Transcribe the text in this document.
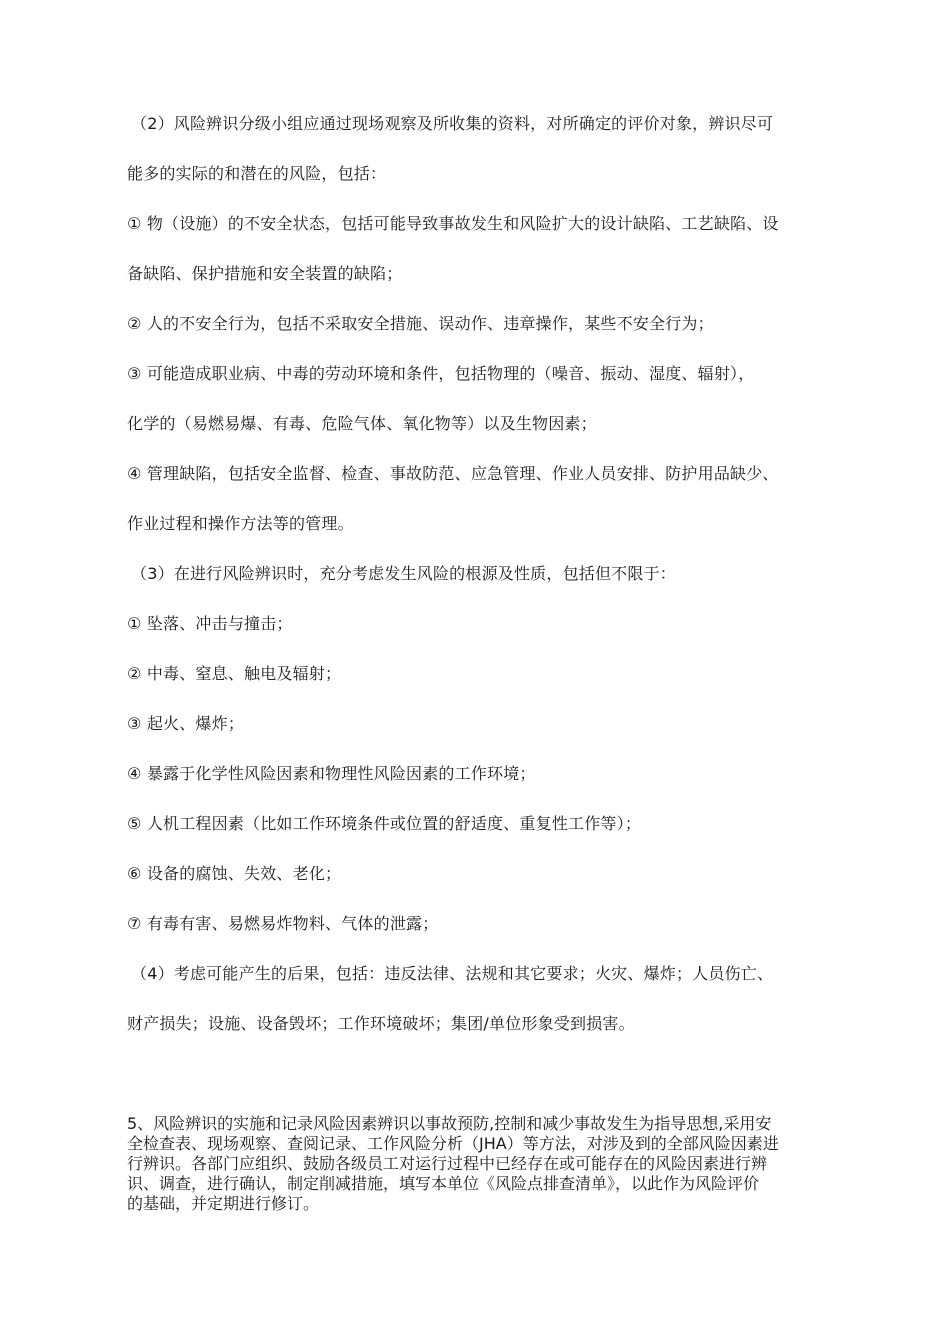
（2）风险辨识分级小组应通过现场观察及所收集的资料，对所确定的评价对象，辨识尽可
能多的实际的和潜在的风险，包括：
① 物（设施）的不安全状态，包括可能导致事故发生和风险扩大的设计缺陷、工艺缺陷、设
备缺陷、保护措施和安全装置的缺陷；
② 人的不安全行为，包括不采取安全措施、误动作、违章操作，某些不安全行为；
③ 可能造成职业病、中毒的劳动环境和条件，包括物理的（噪音、振动、湿度、辐射），
化学的（易燃易爆、有毒、危险气体、氧化物等）以及生物因素；
④ 管理缺陷，包括安全监督、检查、事故防范、应急管理、作业人员安排、防护用品缺少、
作业过程和操作方法等的管理。
（3）在进行风险辨识时，充分考虑发生风险的根源及性质，包括但不限于：
① 坠落、冲击与撞击；
② 中毒、窒息、触电及辐射；
③ 起火、爆炸；
④ 暴露于化学性风险因素和物理性风险因素的工作环境；
⑤ 人机工程因素（比如工作环境条件或位置的舒适度、重复性工作等）；
⑥ 设备的腐蚀、失效、老化；
⑦ 有毒有害、易燃易炸物料、气体的泄露；
（4）考虑可能产生的后果，包括：违反法律、法规和其它要求；火灾、爆炸；人员伤亡、
财产损失；设施、设备毁坏；工作环境破坏；集团/单位形象受到损害。
5、风险辨识的实施和记录风险因素辨识以事故预防,控制和减少事故发生为指导思想,采用安
全检查表、现场观察、查阅记录、工作风险分析（JHA）等方法，对涉及到的全部风险因素进
行辨识。各部门应组织、鼓励各级员工对运行过程中已经存在或可能存在的风险因素进行辨
识、调查，进行确认，制定削减措施，填写本单位《风险点排查清单》，以此作为风险评价
的基础，并定期进行修订。
